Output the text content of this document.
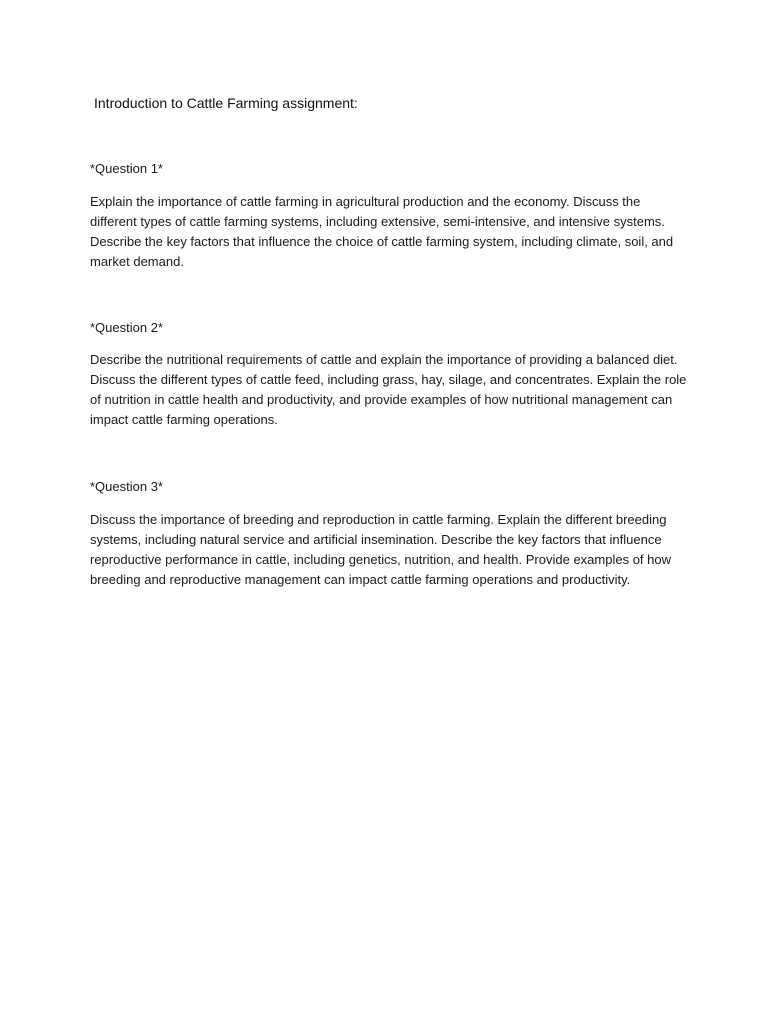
Introduction to Cattle Farming assignment:

*Question 1*

Explain the importance of cattle farming in agricultural production and the economy. Discuss the different types of cattle farming systems, including extensive, semi-intensive, and intensive systems. Describe the key factors that influence the choice of cattle farming system, including climate, soil, and market demand.

*Question 2*

Describe the nutritional requirements of cattle and explain the importance of providing a balanced diet. Discuss the different types of cattle feed, including grass, hay, silage, and concentrates. Explain the role of nutrition in cattle health and productivity, and provide examples of how nutritional management can impact cattle farming operations.

*Question 3*

Discuss the importance of breeding and reproduction in cattle farming. Explain the different breeding systems, including natural service and artificial insemination. Describe the key factors that influence reproductive performance in cattle, including genetics, nutrition, and health. Provide examples of how breeding and reproductive management can impact cattle farming operations and productivity.
